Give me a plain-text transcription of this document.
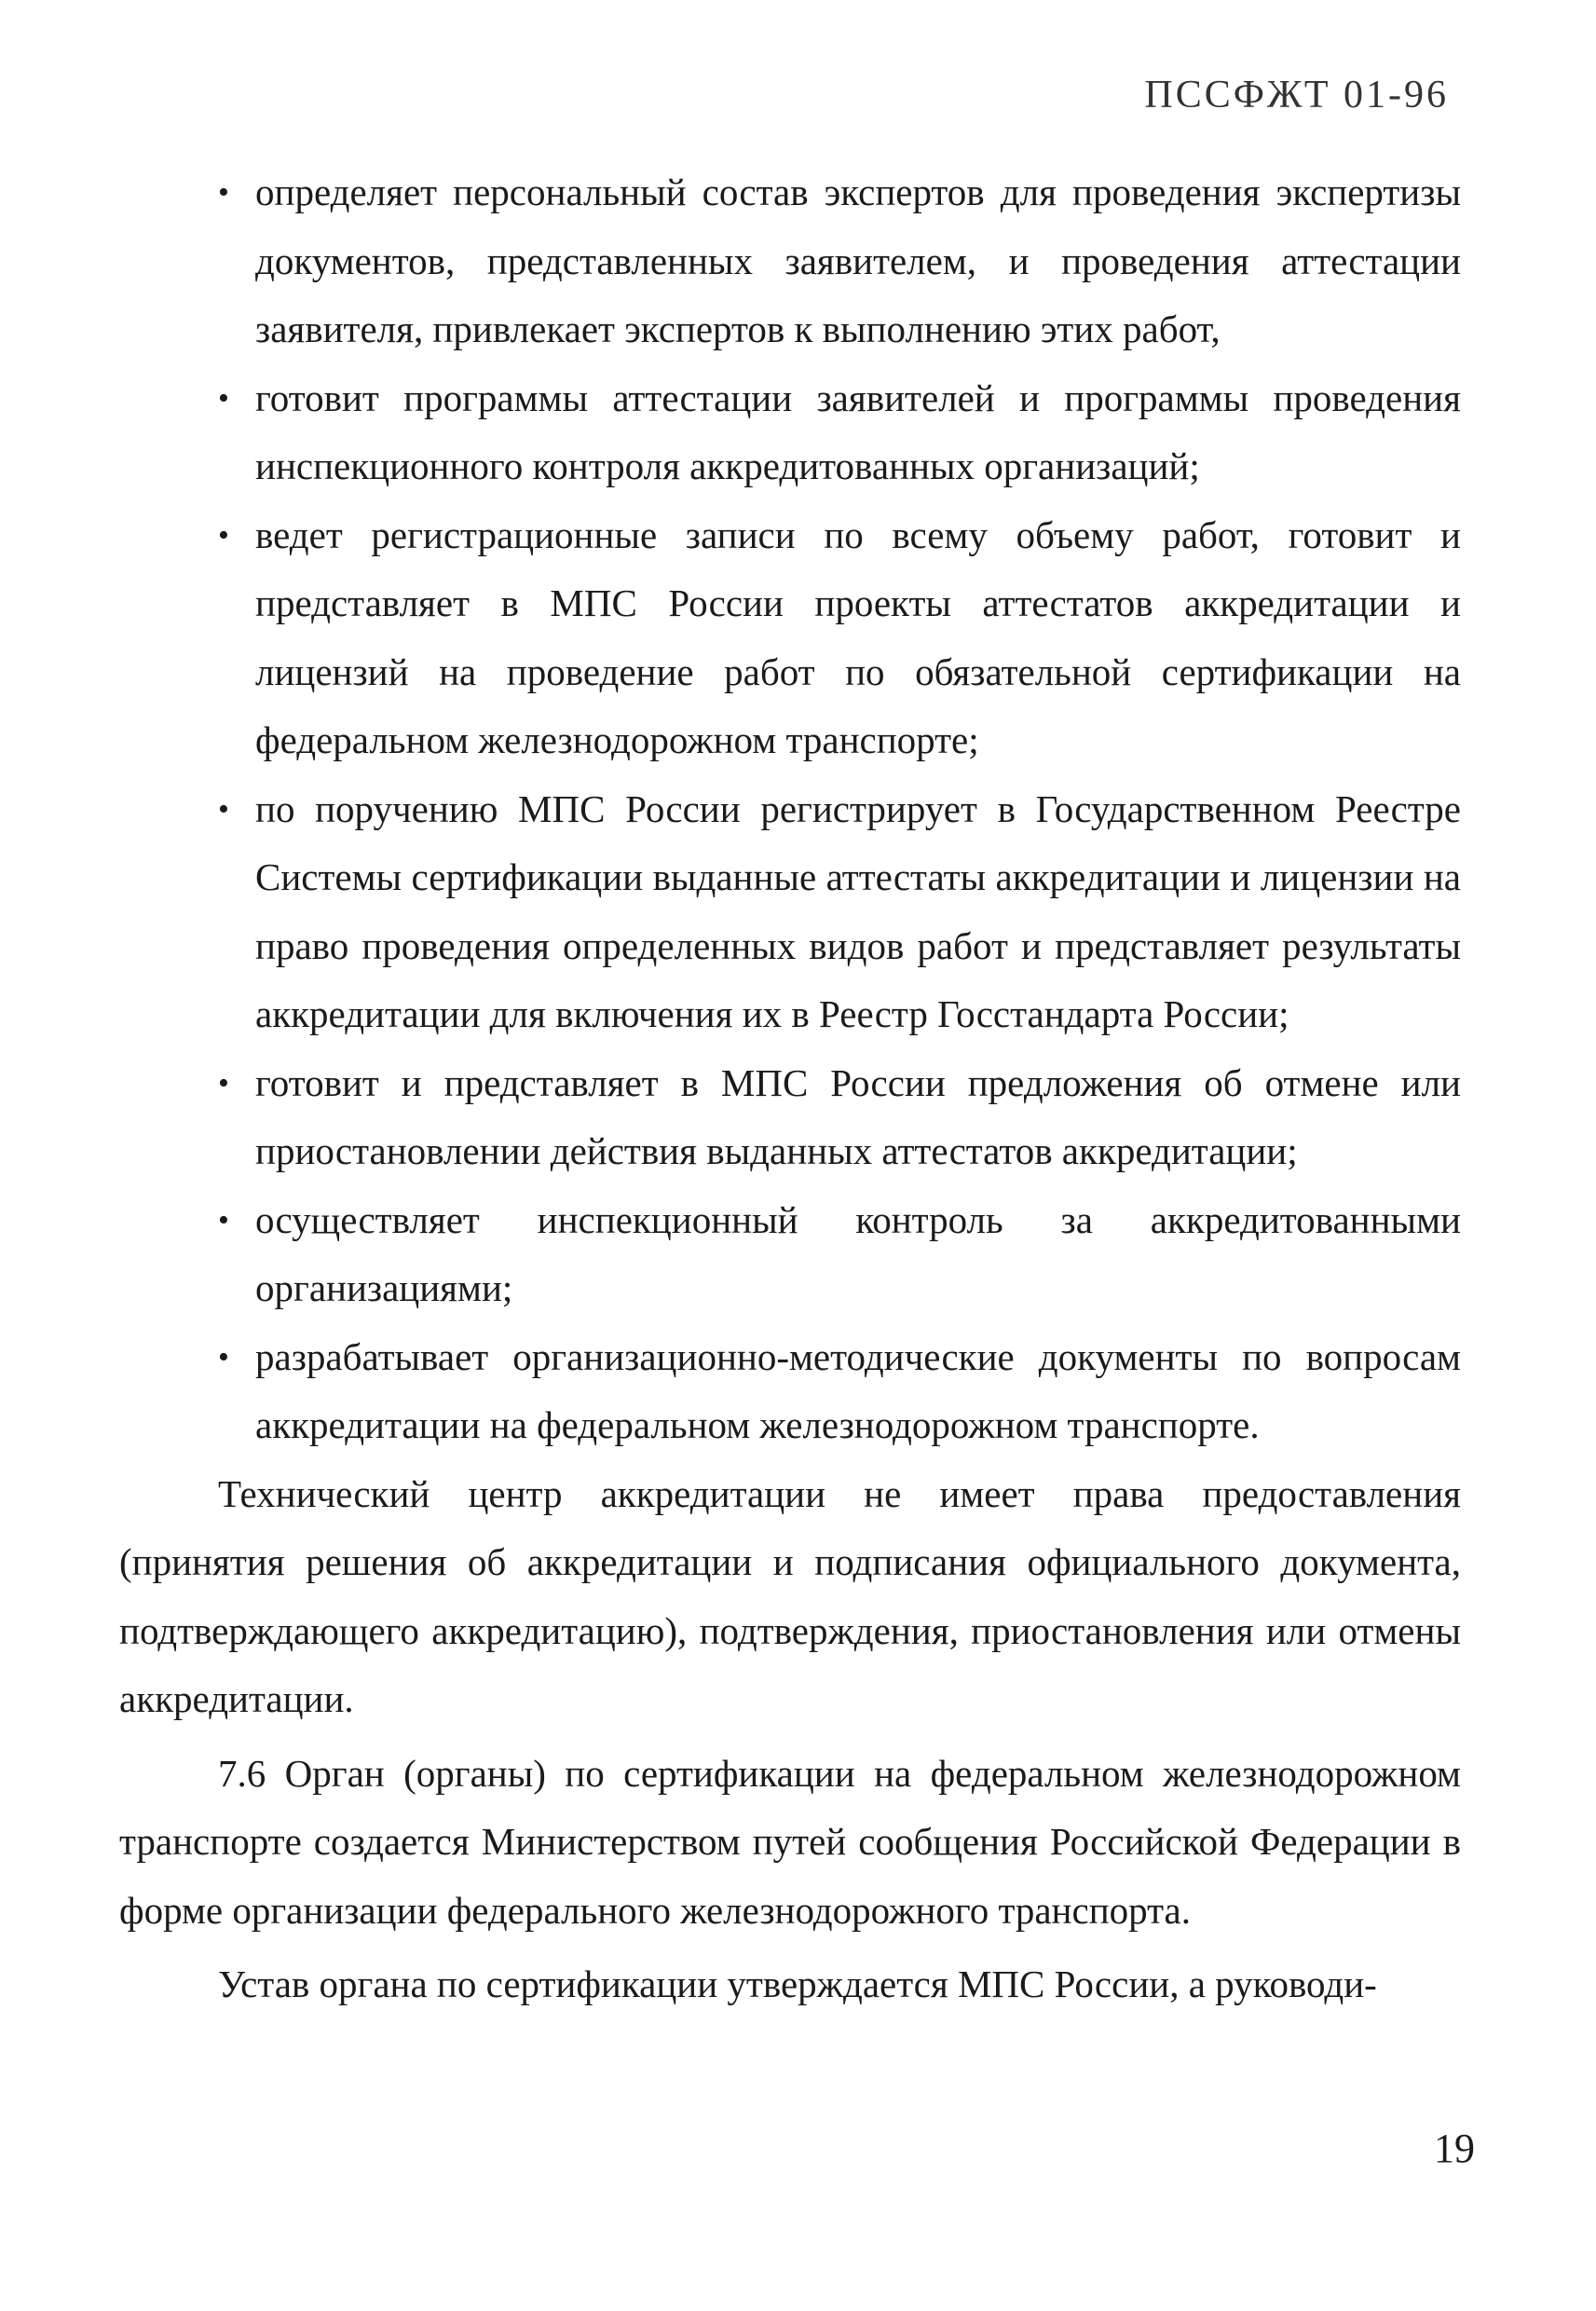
ПССФЖТ 01-96
• определяет персональный состав экспертов для проведения экспертизы документов, представленных заявителем, и проведения аттестации заявителя, привлекает экспертов к выполнению этих работ,
• готовит программы аттестации заявителей и программы проведения инспекционного контроля аккредитованных организаций;
• ведет регистрационные записи по всему объему работ, готовит и представляет в МПС России проекты аттестатов аккредитации и лицензий на проведение работ по обязательной сертификации на федеральном железнодорожном транспорте;
• по поручению МПС России регистрирует в Государственном Реестре Системы сертификации выданные аттестаты аккредитации и лицензии на право проведения определенных видов работ и представляет результаты аккредитации для включения их в Реестр Госстандарта России;
• готовит и представляет в МПС России предложения об отмене или приостановлении действия выданных аттестатов аккредитации;
• осуществляет инспекционный контроль за аккредитованными организациями;
• разрабатывает организационно-методические документы по вопросам аккредитации на федеральном железнодорожном транспорте.

Технический центр аккредитации не имеет права предоставления (принятия решения об аккредитации и подписания официального документа, подтверждающего аккредитацию), подтверждения, приостановления или отмены аккредитации.

7.6 Орган (органы) по сертификации на федеральном железнодорожном транспорте создается Министерством путей сообщения Российской Федерации в форме организации федерального железнодорожного транспорта.

Устав органа по сертификации утверждается МПС России, а руководи-

19
